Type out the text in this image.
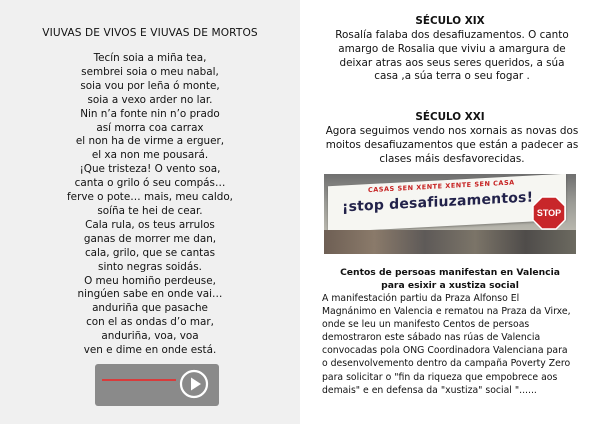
VIUVAS DE VIVOS E VIUVAS DE MORTOS
Tecín soia a miña tea,
sembrei soia o meu nabal,
soia vou por leña ó monte,
soia a vexo arder no lar.
Nin n’a fonte nin n’o prado
así morra coa carrax
el non ha de virme a erguer,
el xa non me pousará.
¡Que tristeza! O vento soa,
canta o grilo ó seu compás…
ferve o pote… mais, meu caldo,
soíña te hei de cear.
Cala rula, os teus arrulos
ganas de morrer me dan,
cala, grilo, que se cantas
sinto negras soidás.
O meu homiño perdeuse,
ningúen sabe en onde vai…
anduriña que pasache
con el as ondas d’o mar,
anduriña, voa, voa
ven e dime en onde está.
SÉCULO XIX
Rosalía falaba dos desafiuzamentos. O canto
amargo de Rosalia que viviu a amargura de
deixar atras aos seus seres queridos, a súa
casa ,a súa terra o seu fogar .
SÉCULO XXI
Agora seguimos vendo nos xornais as novas dos
moitos desafiuzamentos que están a padecer as
clases máis desfavorecidas.
CASAS SEN XENTE XENTE SEN CASA
¡stop desafiuzamentos! STOP
Centos de persoas manifestan en Valencia
para esixir a xustiza social
A manifestación partiu da Praza Alfonso El
Magnánimo en Valencia e rematou na Praza da Virxe,
onde se leu un manifesto Centos de persoas
demostraron este sábado nas rúas de Valencia
convocadas pola ONG Coordinadora Valenciana para
o desenvolvemento dentro da campaña Poverty Zero
para solicitar o "fin da riqueza que empobrece aos
demais" e en defensa da "xustiza" social "......
